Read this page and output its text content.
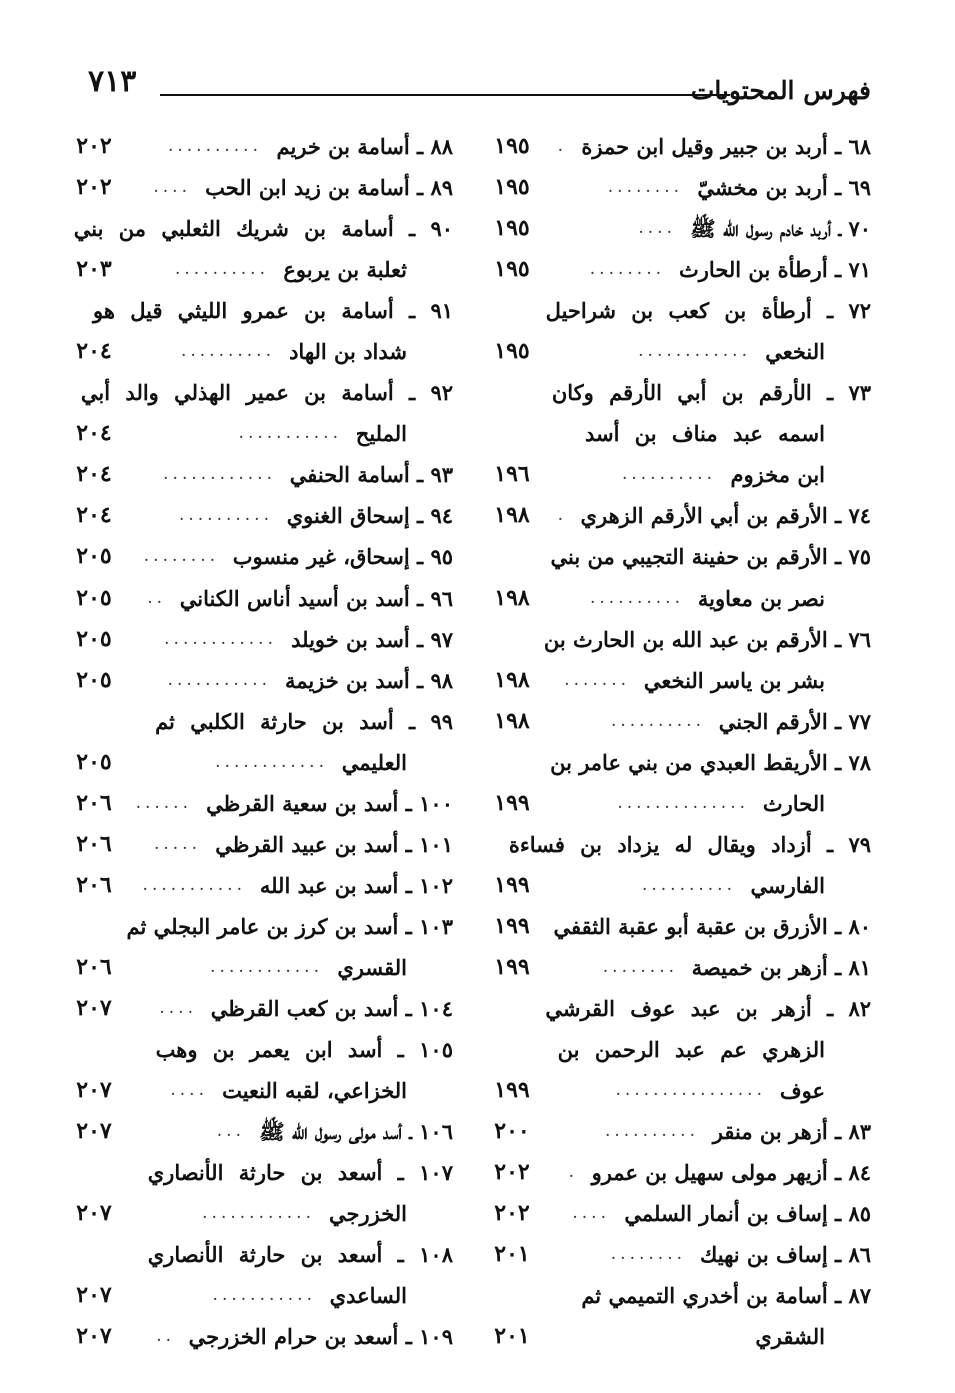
فهرس المحتويات
٧١٣
٦٨ ـ أربد بن جبير وقيل ابن حمزة
.
١٩٥
٦٩ ـ أربد بن مخشيّ
........
١٩٥
٧٠ ـ أربد خادم رسول الله ﷺ
....
١٩٥
٧١ ـ أرطأة بن الحارث
........
١٩٥
٧٢ ـ أرطأة بن كعب بن شراحيل
النخعي
............
١٩٥
٧٣ ـ الأرقم بن أبي الأرقم وكان
اسمه عبد مناف بن أسد
ابن مخزوم
..........
١٩٦
٧٤ ـ الأرقم بن أبي الأرقم الزهري
.
١٩٨
٧٥ ـ الأرقم بن حفينة التجيبي من بني
نصر بن معاوية
..........
١٩٨
٧٦ ـ الأرقم بن عبد الله بن الحارث بن
بشر بن ياسر النخعي
.......
١٩٨
٧٧ ـ الأرقم الجني
..........
١٩٨
٧٨ ـ الأريقط العبدي من بني عامر بن
الحارث
..............
١٩٩
٧٩ ـ أزداد ويقال له يزداد بن فساءة
الفارسي
..........
١٩٩
٨٠ ـ الأزرق بن عقبة أبو عقبة الثقفي
١٩٩
٨١ ـ أزهر بن خميصة
........
١٩٩
٨٢ ـ أزهر بن عبد عوف القرشي
الزهري عم عبد الرحمن بن
عوف
................
١٩٩
٨٣ ـ أزهر بن منقر
..........
٢٠٠
٨٤ ـ أزيهر مولى سهيل بن عمرو
.
٢٠٢
٨٥ ـ إساف بن أنمار السلمي
....
٢٠٢
٨٦ ـ إساف بن نهيك
........
٢٠١
٨٧ ـ أسامة بن أخدري التميمي ثم
الشقري
٢٠١
٨٨ ـ أسامة بن خريم
..........
٢٠٢
٨٩ ـ أسامة بن زيد ابن الحب
....
٢٠٢
٩٠ ـ أسامة بن شريك الثعلبي من بني
ثعلبة بن يربوع
..........
٢٠٣
٩١ ـ أسامة بن عمرو الليثي قيل هو
شداد بن الهاد
..........
٢٠٤
٩٢ ـ أسامة بن عمير الهذلي والد أبي
المليح
...........
٢٠٤
٩٣ ـ أسامة الحنفي
............
٢٠٤
٩٤ ـ إسحاق الغنوي
..........
٢٠٤
٩٥ ـ إسحاق، غير منسوب
........
٢٠٥
٩٦ ـ أسد بن أسيد أناس الكناني
..
٢٠٥
٩٧ ـ أسد بن خويلد
............
٢٠٥
٩٨ ـ أسد بن خزيمة
...........
٢٠٥
٩٩ ـ أسد بن حارثة الكلبي ثم
العليمي
............
٢٠٥
١٠٠ ـ أسد بن سعية القرظي
......
٢٠٦
١٠١ ـ أسد بن عبيد القرظي
.....
٢٠٦
١٠٢ ـ أسد بن عبد الله
...........
٢٠٦
١٠٣ ـ أسد بن كرز بن عامر البجلي ثم
القسري
............
٢٠٦
١٠٤ ـ أسد بن كعب القرظي
....
٢٠٧
١٠٥ ـ أسد ابن يعمر بن وهب
الخزاعي، لقبه النعيت
....
٢٠٧
١٠٦ ـ أسد مولى رسول الله ﷺ
...
٢٠٧
١٠٧ ـ أسعد بن حارثة الأنصاري
الخزرجي
............
٢٠٧
١٠٨ ـ أسعد بن حارثة الأنصاري
الساعدي
...........
٢٠٧
١٠٩ ـ أسعد بن حرام الخزرجي
..
٢٠٧
